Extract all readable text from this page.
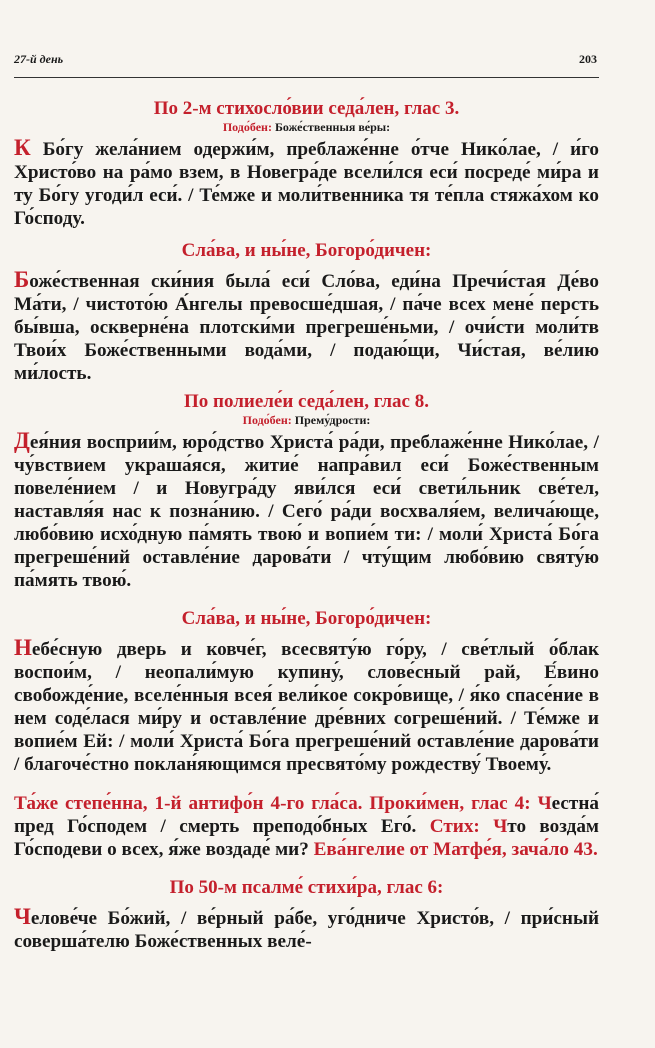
27-й день	203

По 2-м стихосло́вии седа́лен, глас 3.

Подо́бен: Боже́ственныя ве́ры:

К Бо́гу жела́нием одержи́м, преблаже́нне о́тче Нико́лае, / и́го Христо́во на ра́мо взем, в Новегра́де всели́лся еси́ посреде́ ми́ра и ту Бо́гу угоди́л еси́. / Те́мже и моли́твенника тя те́пла стяжа́хом ко Го́споду.

Сла́ва, и ны́не, Богоро́дичен:

Боже́ственная ски́ния была́ еси́ Сло́ва, еди́на Пречи́стая Де́во Ма́ти, / чистото́ю А́нгелы превосше́дшая, / па́че всех мене́ персть бы́вша, оскверне́на плотски́ми прегреше́ньми, / очи́сти моли́тв Твои́х Боже́ственными вода́ми, / подаю́щи, Чи́стая, ве́лию ми́лость.

По полиеле́и седа́лен, глас 8.

Подо́бен: Прему́дрости:

Дея́ния восприи́м, юро́дство Христа́ ра́ди, преблаже́нне Нико́лае, / чу́вствием украша́яся, житие́ напра́вил еси́ Боже́ственным повеле́нием / и Новугра́ду яви́лся еси́ свети́льник све́тел, наставля́я нас к позна́нию. / Сего́ ра́ди восхваля́ем, велича́юще, любо́вию исхо́дную па́мять твою́ и вопие́м ти: / моли́ Христа́ Бо́га прегреше́ний оставле́ние дарова́ти / чту́щим любо́вию святу́ю па́мять твою́.

Сла́ва, и ны́не, Богоро́дичен:

Небе́сную дверь и ковче́г, всесвяту́ю го́ру, / све́тлый о́блак воспои́м, / неопали́мую купину́, слове́сный рай, Е́вино свобожде́ние, вселе́нныя всея́ вели́кое сокро́вище, / я́ко спасе́ние в нем соде́лася ми́ру и оставле́ние дре́вних согреше́ний. / Те́мже и вопие́м Ей: / моли́ Христа́ Бо́га прегреше́ний оставле́ние дарова́ти / благоче́стно поклан́яющимся пресвято́му рождеству́ Твоему́.

Та́же степе́нна, 1-й антифо́н 4-го гла́са. Проки́мен, глас 4: Честна́ пред Го́сподем / смерть преподо́бных Его́. Стих: Что возда́м Го́сподеви о всех, я́же воздаде́ ми? Ева́нгелие от Матфе́я, зача́ло 43.

По 50-м псалме́ стихи́ра, глас 6:

Челове́че Бо́жий, / ве́рный ра́бе, уго́дниче Христо́в, / при́сный соверша́телю Боже́ственных веле́-
